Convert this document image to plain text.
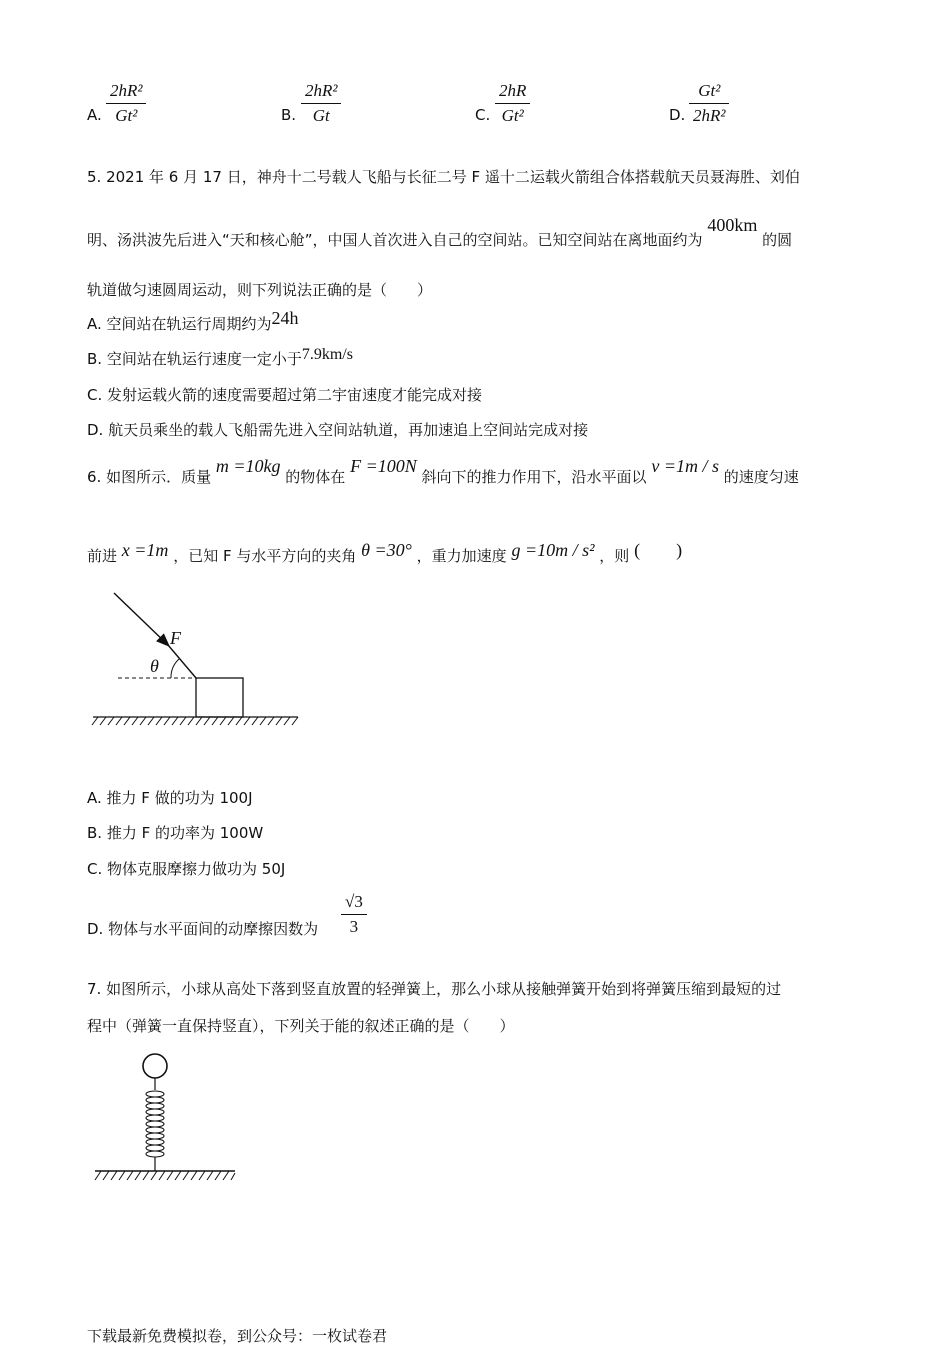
A.
2hR²
Gt²	B.
2hR²
Gt	C.
2hR
Gt²	D.
Gt²
2hR²
5. 2021 年 6 月 17 日，神舟十二号载人飞船与长征二号 F 遥十二运载火箭组合体搭载航天员聂海胜、刘伯
明、汤洪波先后进入“天和核心舱”，中国人首次进入自己的空间站。已知空间站在离地面约为 400km 的圆
轨道做匀速圆周运动，则下列说法正确的是（　　）
A. 空间站在轨运行周期约为24h
B. 空间站在轨运行速度一定小于7.9km/s
C. 发射运载火箭的速度需要超过第二宇宙速度才能完成对接
D. 航天员乘坐的载人飞船需先进入空间站轨道，再加速追上空间站完成对接
6. 如图所示．质量 m =10kg 的物体在 F =100N 斜向下的推力作用下，沿水平面以 v =1m / s 的速度匀速
前进 x =1m ，已知 F 与水平方向的夹角 θ =30° ，重力加速度 g =10m / s² ，则 (　　)
F
θ
A. 推力 F 做的功为 100J
B. 推力 F 的功率为 100W
C. 物体克服摩擦力做功为 50J
D. 物体与水平面间的动摩擦因数为
√3
3
7. 如图所示，小球从高处下落到竖直放置的轻弹簧上，那么小球从接触弹簧开始到将弹簧压缩到最短的过
程中（弹簧一直保持竖直），下列关于能的叙述正确的是（　　）
下载最新免费模拟卷，到公众号：一枚试卷君
